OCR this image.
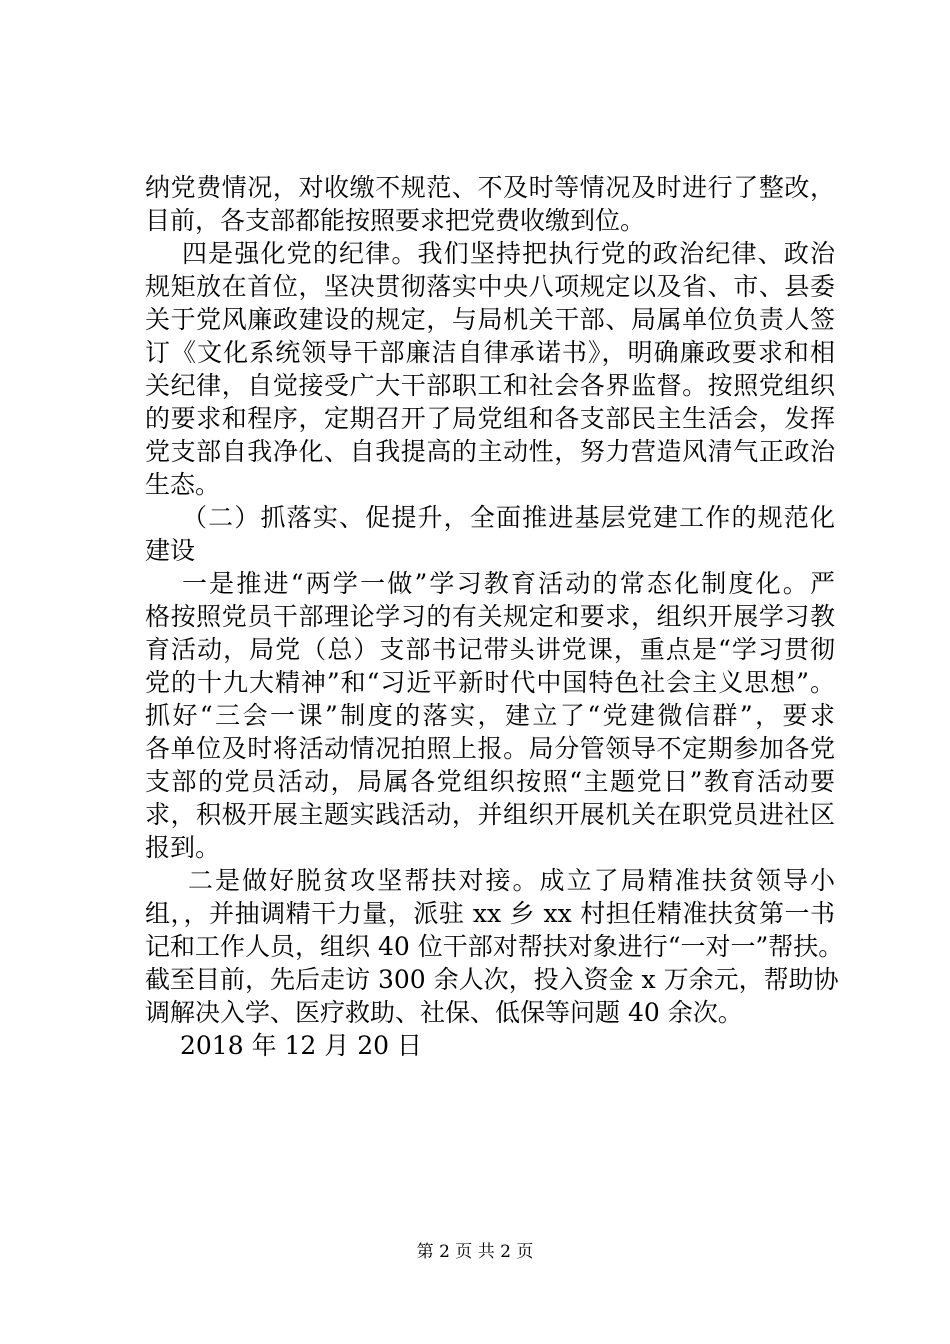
纳党费情况，对收缴不规范、不及时等情况及时进行了整改，
目前，各支部都能按照要求把党费收缴到位。
四是强化党的纪律。我们坚持把执行党的政治纪律、政治
规矩放在首位，坚决贯彻落实中央八项规定以及省、市、县委
关于党风廉政建设的规定，与局机关干部、局属单位负责人签
订《文化系统领导干部廉洁自律承诺书》，明确廉政要求和相
关纪律，自觉接受广大干部职工和社会各界监督。按照党组织
的要求和程序，定期召开了局党组和各支部民主生活会，发挥
党支部自我净化、自我提高的主动性，努力营造风清气正政治
生态。
（二）抓落实、促提升，全面推进基层党建工作的规范化
建设
一是推进“两学一做”学习教育活动的常态化制度化。严
格按照党员干部理论学习的有关规定和要求，组织开展学习教
育活动，局党（总）支部书记带头讲党课，重点是“学习贯彻
党的十九大精神”和“习近平新时代中国特色社会主义思想”。
抓好“三会一课”制度的落实，建立了“党建微信群”，要求
各单位及时将活动情况拍照上报。局分管领导不定期参加各党
支部的党员活动，局属各党组织按照“主题党日”教育活动要
求，积极开展主题实践活动，并组织开展机关在职党员进社区
报到。
二是做好脱贫攻坚帮扶对接。成立了局精准扶贫领导小
组，，并抽调精干力量，派驻 xx 乡 xx 村担任精准扶贫第一书
记和工作人员，组织 40 位干部对帮扶对象进行“一对一”帮扶。
截至目前，先后走访 300 余人次，投入资金 x 万余元，帮助协
调解决入学、医疗救助、社保、低保等问题 40 余次。
2018 年 12 月 20 日
第 2 页 共 2 页
